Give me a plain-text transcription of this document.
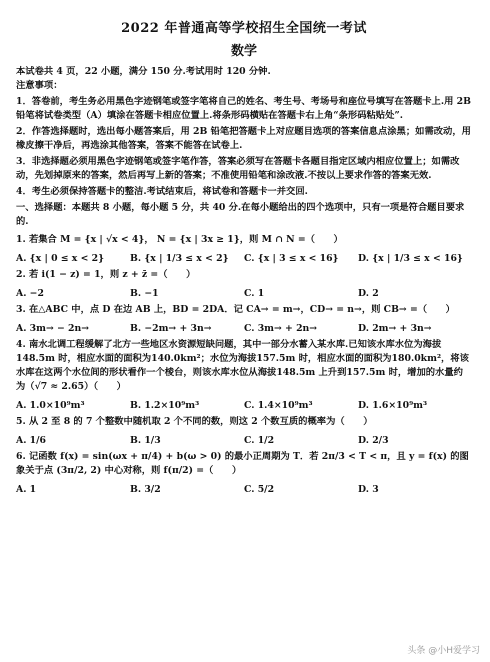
2022 年普通高等学校招生全国统一考试
数学
本试卷共 4 页，22 小题，满分 150 分.考试用时 120 分钟.
注意事项：
1．答卷前，考生务必用黑色字迹钢笔或签字笔将自己的姓名、考生号、考场号和座位号填写在答题卡上.用 2B 铅笔将试卷类型（A）填涂在答题卡相应位置上.将条形码横贴在答题卡右上角“条形码粘贴处”.
2．作答选择题时，选出每小题答案后，用 2B 铅笔把答题卡上对应题目选项的答案信息点涂黑；如需改动，用橡皮擦干净后，再选涂其他答案，答案不能答在试卷上.
3．非选择题必须用黑色字迹钢笔或签字笔作答，答案必须写在答题卡各题目指定区域内相应位置上；如需改动，先划掉原来的答案，然后再写上新的答案；不准使用铅笔和涂改液.不按以上要求作答的答案无效.
4．考生必须保持答题卡的整洁.考试结束后，将试卷和答题卡一并交回.
一、选择题：本题共 8 小题，每小题 5 分，共 40 分.在每小题给出的四个选项中，只有一项是符合题目要求的.
1. 若集合 M = {x | √x < 4}， N = {x | 3x ≥ 1}，则 M ∩ N =（　　）
A. {x | 0 ≤ x < 2}	B. {x | 1/3 ≤ x < 2}	C. {x | 3 ≤ x < 16}	D. {x | 1/3 ≤ x < 16}
2. 若 i(1 − z) = 1，则 z + z̄ =（　　）
A. −2	B. −1	C. 1	D. 2
3. 在△ABC 中，点 D 在边 AB 上，BD = 2DA．记 CA→ = m→，CD→ = n→，则 CB→ =（　　）
A. 3m→ − 2n→	B. −2m→ + 3n→	C. 3m→ + 2n→	D. 2m→ + 3n→
4. 南水北调工程缓解了北方一些地区水资源短缺问题，其中一部分水蓄入某水库.已知该水库水位为海拔148.5m 时，相应水面的面积为140.0km²；水位为海拔157.5m 时，相应水面的面积为180.0km²，将该水库在这两个水位间的形状看作一个棱台，则该水库水位从海拔148.5m 上升到157.5m 时，增加的水量约为（√7 ≈ 2.65）（　　）
A. 1.0×10⁹m³	B. 1.2×10⁹m³	C. 1.4×10⁹m³	D. 1.6×10⁹m³
5. 从 2 至 8 的 7 个整数中随机取 2 个不同的数，则这 2 个数互质的概率为（　　）
A. 1/6	B. 1/3	C. 1/2	D. 2/3
6. 记函数 f(x) = sin(ωx + π/4) + b(ω > 0) 的最小正周期为 T．若 2π/3 < T < π，且 y = f(x) 的图象关于点 (3π/2, 2) 中心对称，则 f(π/2) =（　　）
A. 1	B. 3/2	C. 5/2	D. 3
头条 @小H爱学习
